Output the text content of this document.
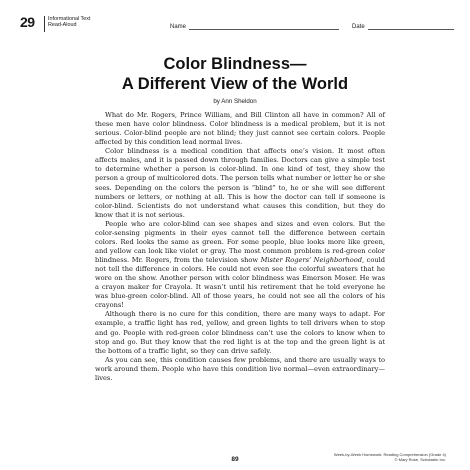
29 Informational Text
Read-Aloud	Name	Date
Color Blindness—
A Different View of the World
by Ann Sheldon

What do Mr. Rogers, Prince William, and Bill Clinton all have in common? All of these men have color blindness. Color blindness is a medical problem, but it is not serious. Color-blind people are not blind; they just cannot see certain colors. People affected by this condition lead normal lives.

Color blindness is a medical condition that affects one’s vision. It most often affects males, and it is passed down through families. Doctors can give a simple test to determine whether a person is color-blind. In one kind of test, they show the person a group of multicolored dots. The person tells what number or letter he or she sees. Depending on the colors the person is “blind” to, he or she will see different numbers or letters, or nothing at all. This is how the doctor can tell if someone is color-blind. Scientists do not understand what causes this condition, but they do know that it is not serious.

People who are color-blind can see shapes and sizes and even colors. But the color-sensing pigments in their eyes cannot tell the difference between certain colors. Red looks the same as green. For some people, blue looks more like green, and yellow can look like violet or gray. The most common problem is red-green color blindness. Mr. Rogers, from the television show Mister Rogers’ Neighborhood, could not tell the difference in colors. He could not even see the colorful sweaters that he wore on the show. Another person with color blindness was Emerson Moser. He was a crayon maker for Crayola. It wasn’t until his retirement that he told everyone he was blue-green color-blind. All of those years, he could not see all the colors of his crayons!

Although there is no cure for this condition, there are many ways to adapt. For example, a traffic light has red, yellow, and green lights to tell drivers when to stop and go. People with red-green color blindness can’t use the colors to know when to stop and go. But they know that the red light is at the top and the green light is at the bottom of a traffic light, so they can drive safely.

As you can see, this condition causes few problems, and there are usually ways to work around them. People who have this condition live normal—even extraordinary—lives.

89
Week-by-Week Homework: Reading Comprehension (Grade 4)
© Mary Rose, Scholastic Inc.
